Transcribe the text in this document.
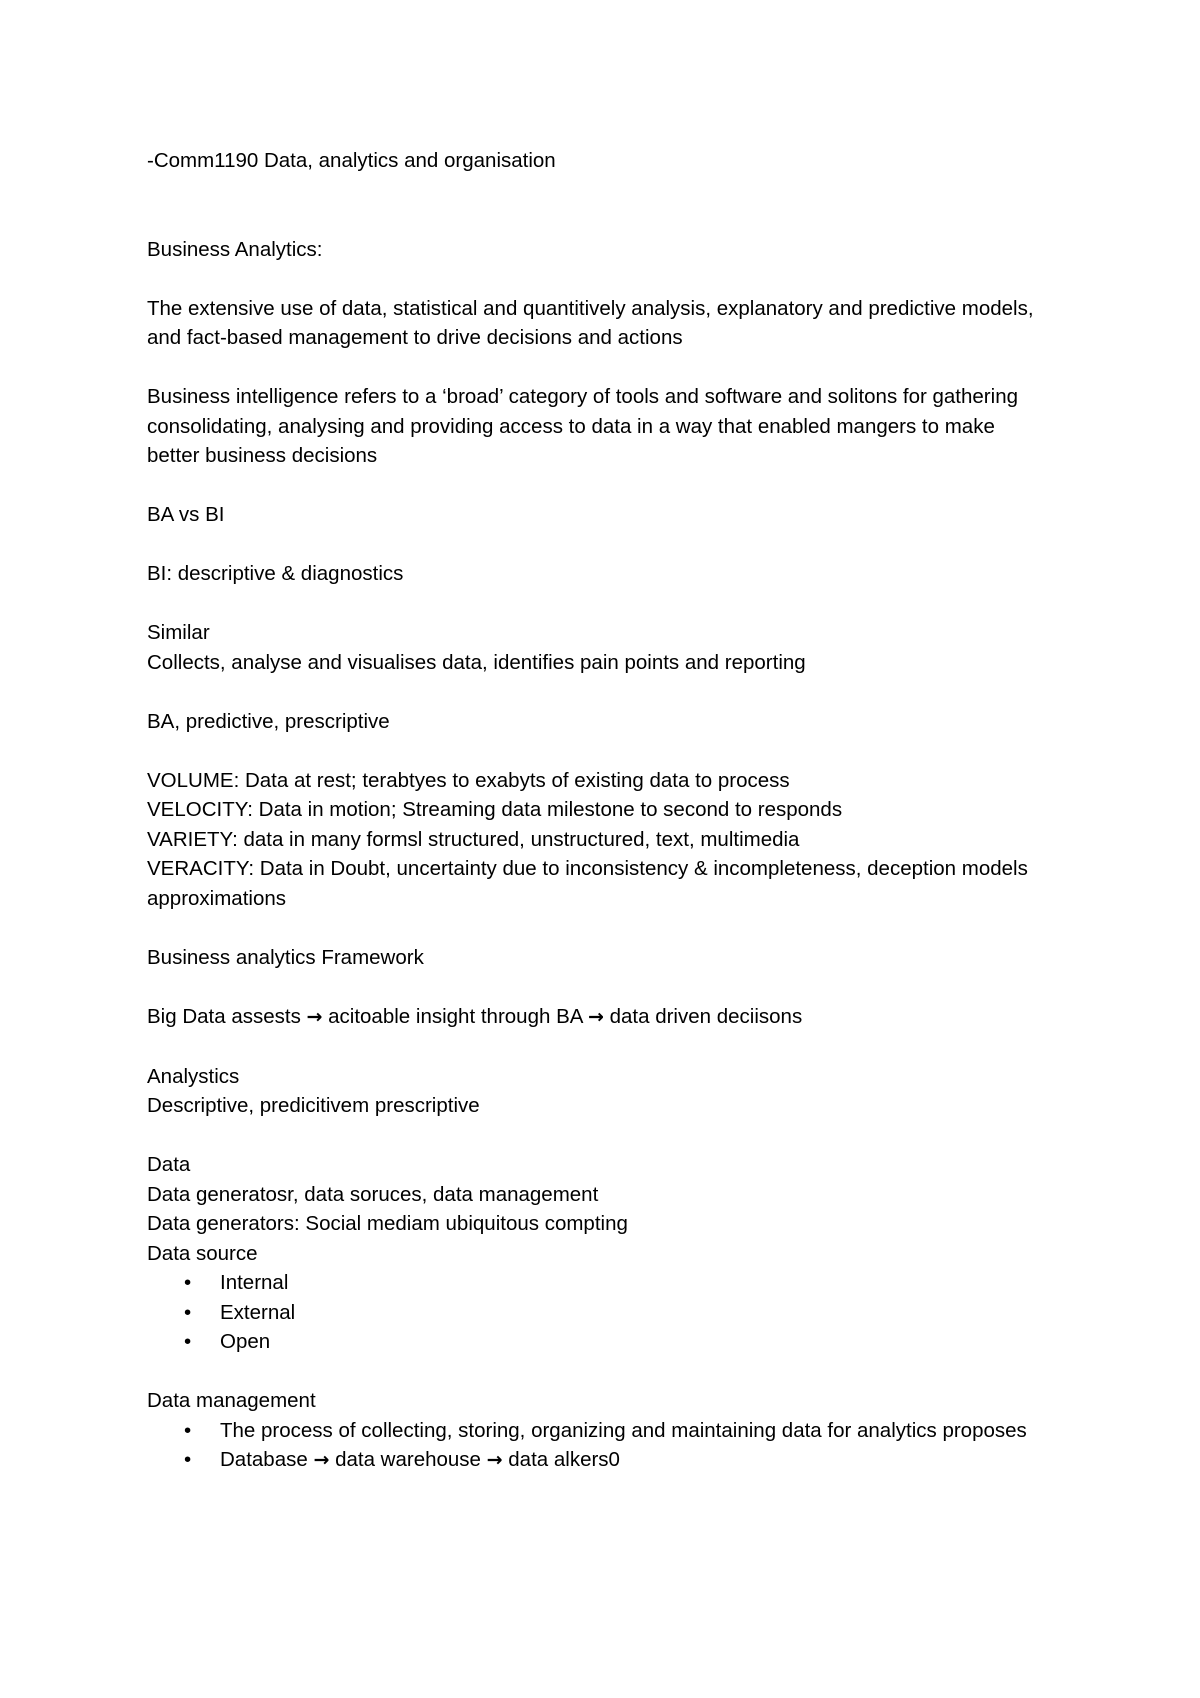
-Comm1190 Data, analytics and organisation

Business Analytics:

The extensive use of data, statistical and quantitively analysis, explanatory and predictive models, and fact-based management to drive decisions and actions

Business intelligence refers to a ‘broad’ category of tools and software and solitons for gathering consolidating, analysing and providing access to data in a way that enabled mangers to make better business decisions

BA vs BI

BI: descriptive & diagnostics

Similar

Collects, analyse and visualises data, identifies pain points and reporting

BA, predictive, prescriptive

VOLUME: Data at rest; terabtyes to exabyts of existing data to process

VELOCITY: Data in motion; Streaming data milestone to second to responds

VARIETY: data in many formsl structured, unstructured, text, multimedia

VERACITY: Data in Doubt, uncertainty due to inconsistency & incompleteness, deception models approximations

Business analytics Framework

Big Data assests → acitoable insight through BA → data driven deciisons

Analystics

Descriptive, predicitivem prescriptive

Data

Data generatosr, data soruces, data management

Data generators: Social mediam ubiquitous compting

Data source

• Internal
• External
• Open

Data management

• The process of collecting, storing, organizing and maintaining data for analytics proposes
• Database → data warehouse → data alkers0
